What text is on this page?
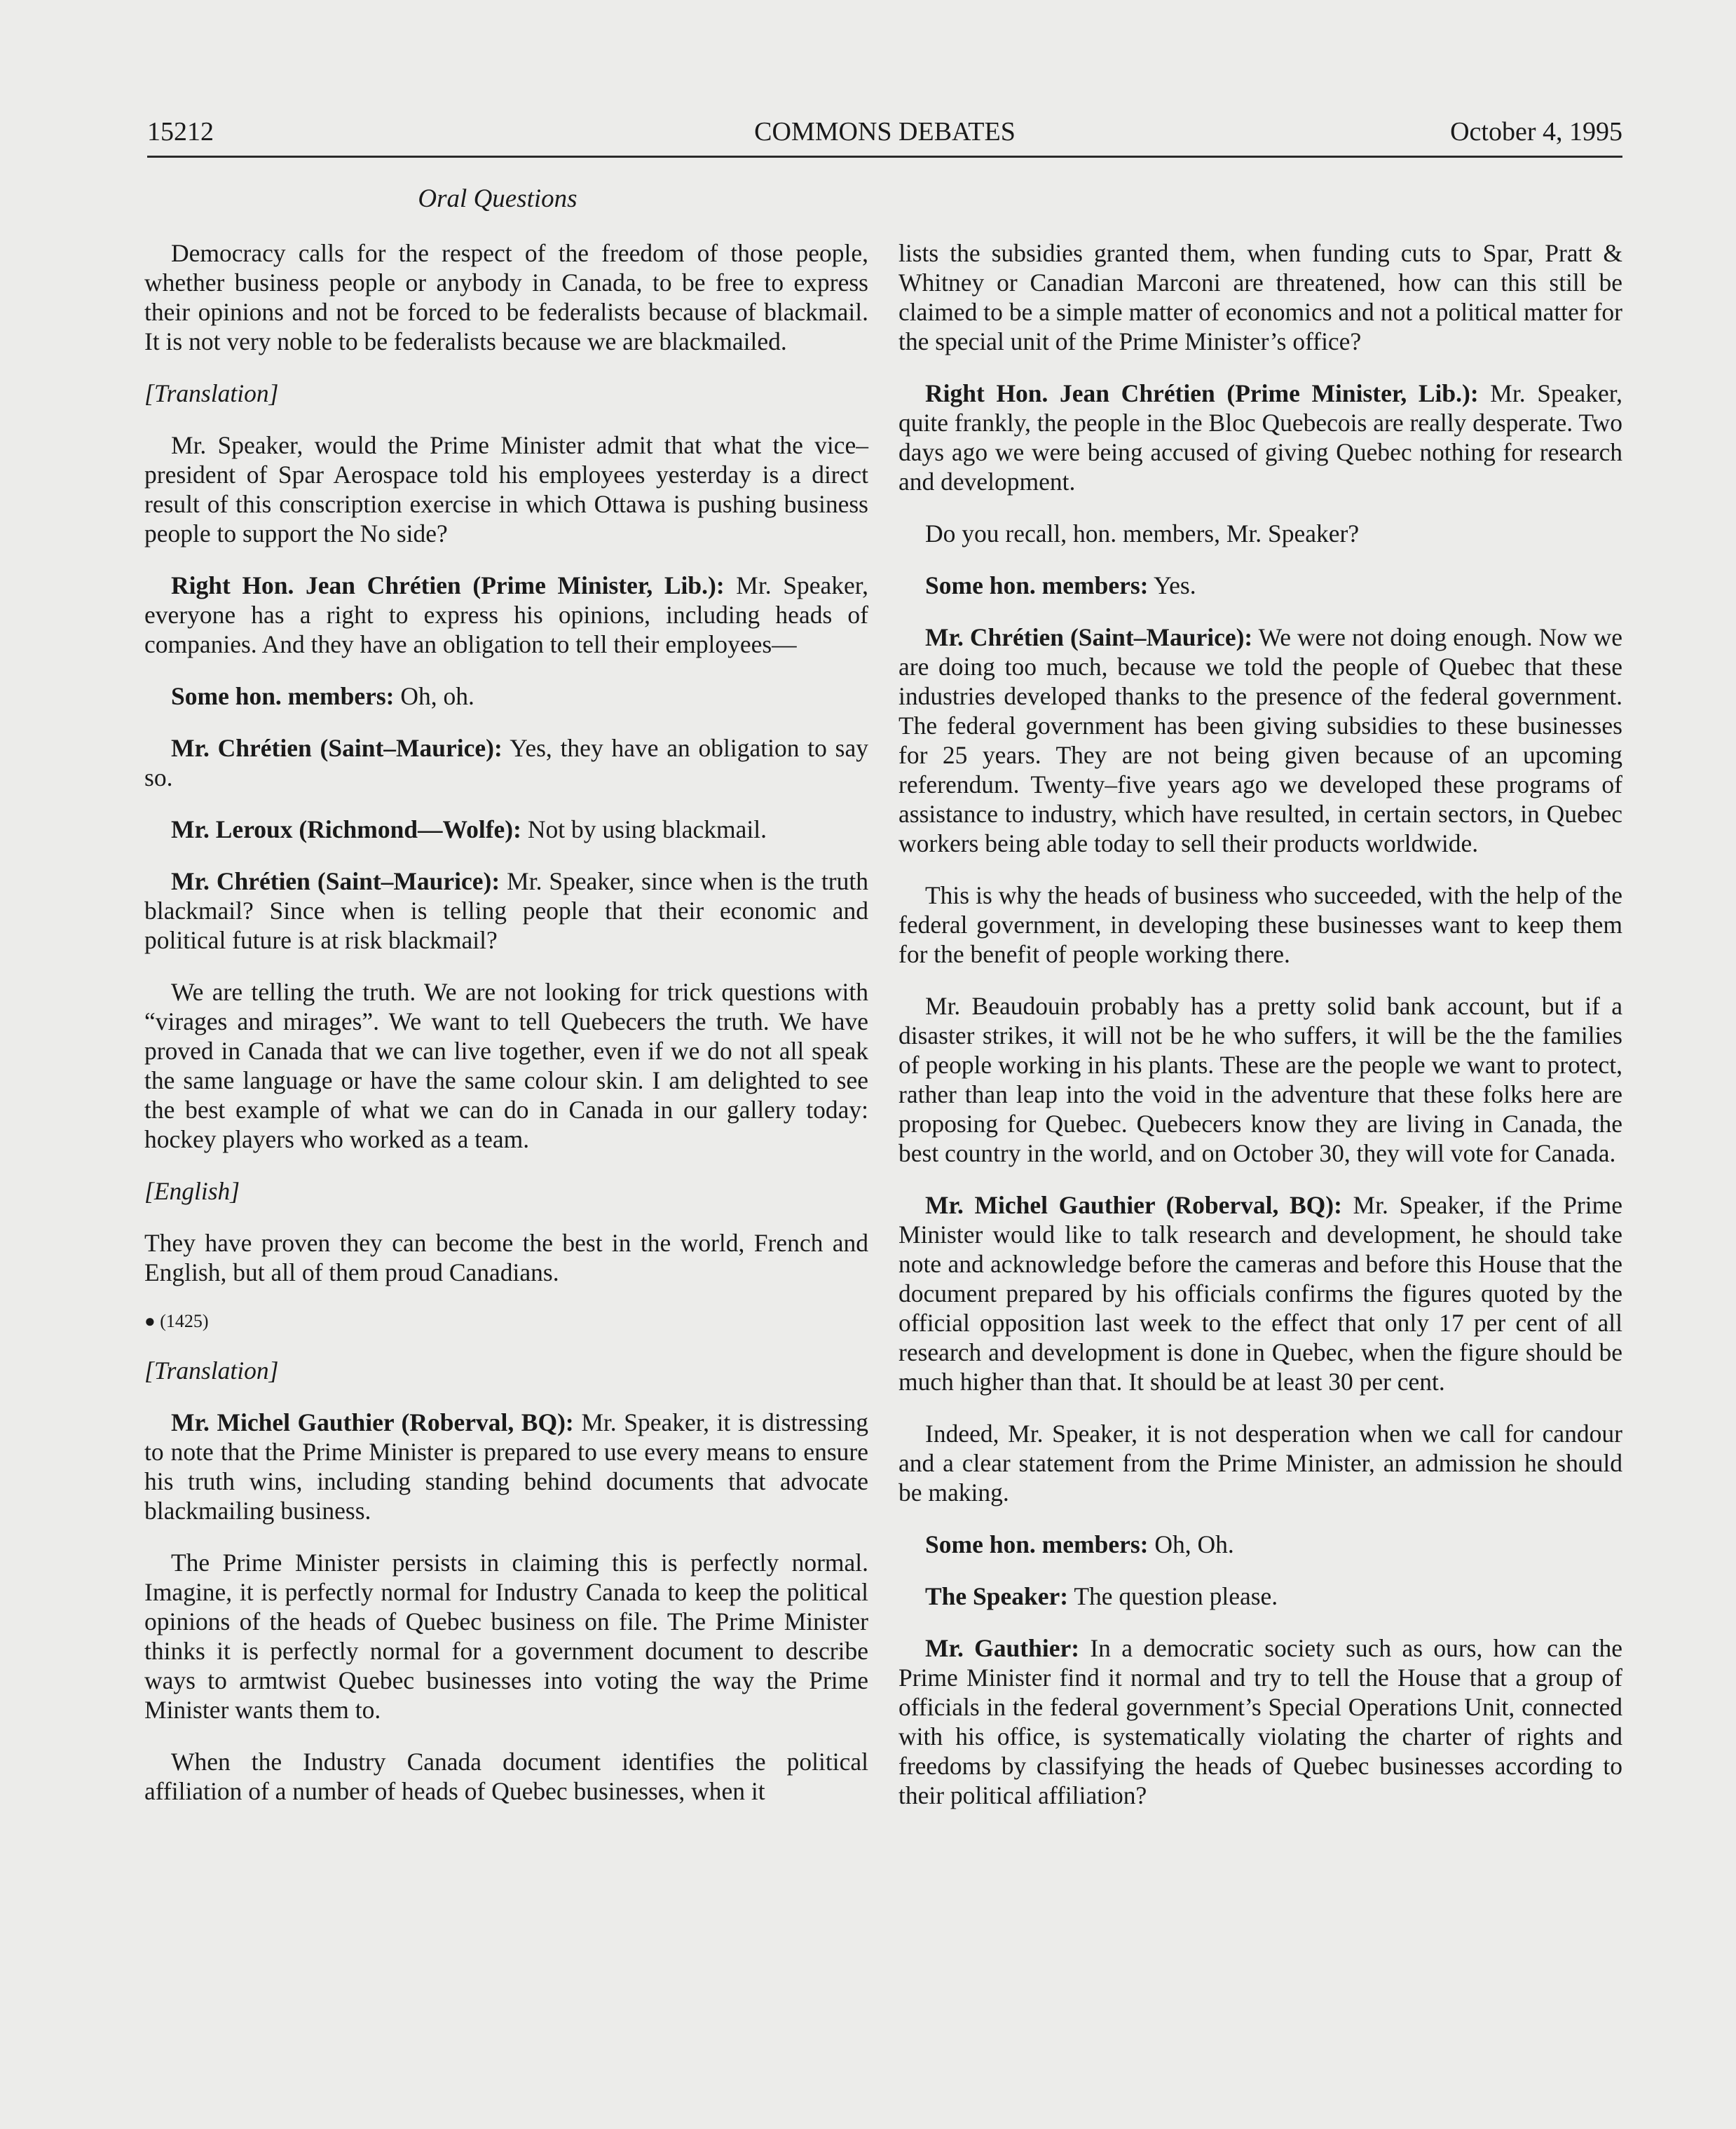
15212	COMMONS DEBATES	October 4, 1995
Oral Questions

Democracy calls for the respect of the freedom of those people, whether business people or anybody in Canada, to be free to express their opinions and not be forced to be federalists because of blackmail. It is not very noble to be federalists because we are blackmailed.

[Translation]

Mr. Speaker, would the Prime Minister admit that what the vice–president of Spar Aerospace told his employees yesterday is a direct result of this conscription exercise in which Ottawa is pushing business people to support the No side?

Right Hon. Jean Chrétien (Prime Minister, Lib.): Mr. Speaker, everyone has a right to express his opinions, including heads of companies. And they have an obligation to tell their employees—

Some hon. members: Oh, oh.

Mr. Chrétien (Saint–Maurice): Yes, they have an obligation to say so.

Mr. Leroux (Richmond—Wolfe): Not by using blackmail.

Mr. Chrétien (Saint–Maurice): Mr. Speaker, since when is the truth blackmail? Since when is telling people that their economic and political future is at risk blackmail?

We are telling the truth. We are not looking for trick questions with “virages and mirages”. We want to tell Quebecers the truth. We have proved in Canada that we can live together, even if we do not all speak the same language or have the same colour skin. I am delighted to see the best example of what we can do in Canada in our gallery today: hockey players who worked as a team.

[English]

They have proven they can become the best in the world, French and English, but all of them proud Canadians.

● (1425)

[Translation]

Mr. Michel Gauthier (Roberval, BQ): Mr. Speaker, it is distressing to note that the Prime Minister is prepared to use every means to ensure his truth wins, including standing behind documents that advocate blackmailing business.

The Prime Minister persists in claiming this is perfectly normal. Imagine, it is perfectly normal for Industry Canada to keep the political opinions of the heads of Quebec business on file. The Prime Minister thinks it is perfectly normal for a government document to describe ways to armtwist Quebec businesses into voting the way the Prime Minister wants them to.

When the Industry Canada document identifies the political affiliation of a number of heads of Quebec businesses, when it

lists the subsidies granted them, when funding cuts to Spar, Pratt & Whitney or Canadian Marconi are threatened, how can this still be claimed to be a simple matter of economics and not a political matter for the special unit of the Prime Minister’s office?

Right Hon. Jean Chrétien (Prime Minister, Lib.): Mr. Speaker, quite frankly, the people in the Bloc Quebecois are really desperate. Two days ago we were being accused of giving Quebec nothing for research and development.

Do you recall, hon. members, Mr. Speaker?

Some hon. members: Yes.

Mr. Chrétien (Saint–Maurice): We were not doing enough. Now we are doing too much, because we told the people of Quebec that these industries developed thanks to the presence of the federal government. The federal government has been giving subsidies to these businesses for 25 years. They are not being given because of an upcoming referendum. Twenty–five years ago we developed these programs of assistance to industry, which have resulted, in certain sectors, in Quebec workers being able today to sell their products worldwide.

This is why the heads of business who succeeded, with the help of the federal government, in developing these businesses want to keep them for the benefit of people working there.

Mr. Beaudouin probably has a pretty solid bank account, but if a disaster strikes, it will not be he who suffers, it will be the the families of people working in his plants. These are the people we want to protect, rather than leap into the void in the adventure that these folks here are proposing for Quebec. Quebecers know they are living in Canada, the best country in the world, and on October 30, they will vote for Canada.

Mr. Michel Gauthier (Roberval, BQ): Mr. Speaker, if the Prime Minister would like to talk research and development, he should take note and acknowledge before the cameras and before this House that the document prepared by his officials confirms the figures quoted by the official opposition last week to the effect that only 17 per cent of all research and development is done in Quebec, when the figure should be much higher than that. It should be at least 30 per cent.

Indeed, Mr. Speaker, it is not desperation when we call for candour and a clear statement from the Prime Minister, an admission he should be making.

Some hon. members: Oh, Oh.

The Speaker: The question please.

Mr. Gauthier: In a democratic society such as ours, how can the Prime Minister find it normal and try to tell the House that a group of officials in the federal government’s Special Operations Unit, connected with his office, is systematically violating the charter of rights and freedoms by classifying the heads of Quebec businesses according to their political affiliation?
